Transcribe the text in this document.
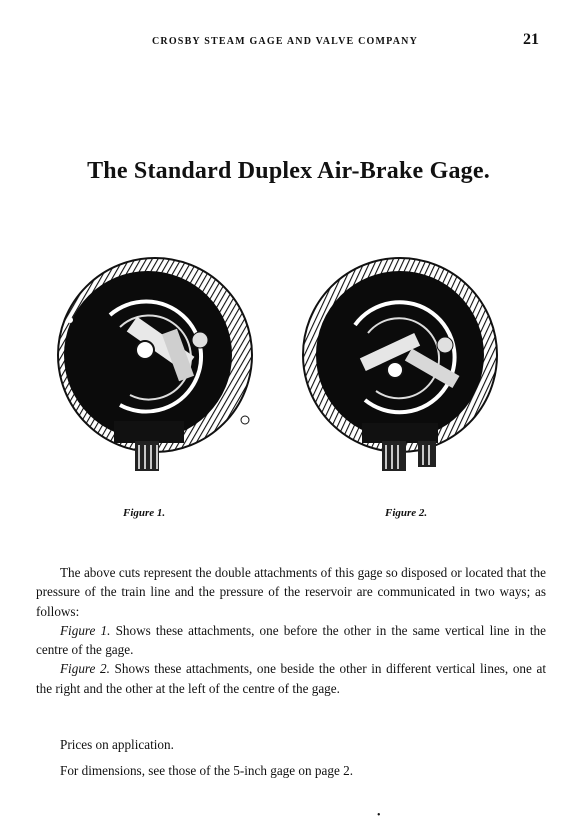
CROSBY STEAM GAGE AND VALVE COMPANY	21
The Standard Duplex Air-Brake Gage.
Figure 1.	Figure 2.

The above cuts represent the double attachments of this gage so disposed or located that the pressure of the train line and the pressure of the reservoir are communicated in two ways; as follows:

Figure 1. Shows these attachments, one before the other in the same vertical line in the centre of the gage.

Figure 2. Shows these attachments, one beside the other in different vertical lines, one at the right and the other at the left of the centre of the gage.

Prices on application.
For dimensions, see those of the 5-inch gage on page 2.
•
